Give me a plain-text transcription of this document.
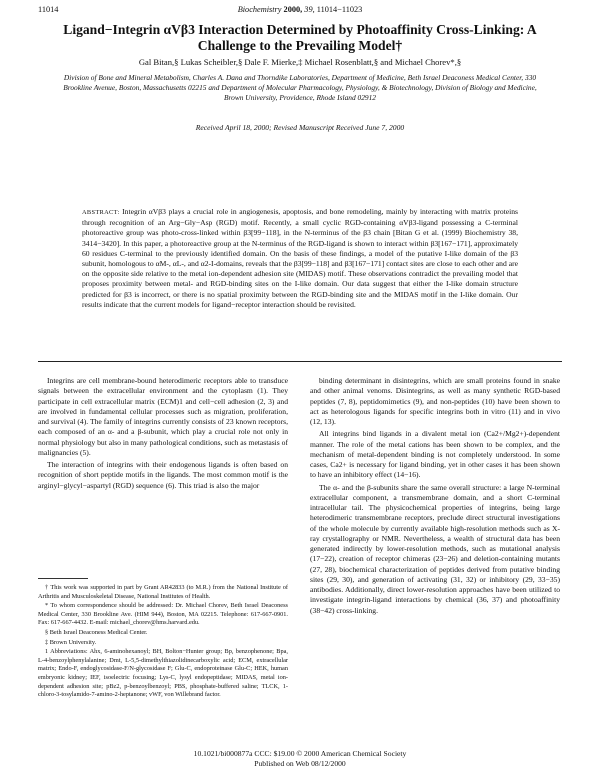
11014	Biochemistry 2000, 39, 11014−11023
Ligand−Integrin αVβ3 Interaction Determined by Photoaffinity Cross-Linking: A Challenge to the Prevailing Model†
Gal Bitan,§ Lukas Scheibler,§ Dale F. Mierke,‡ Michael Rosenblatt,§ and Michael Chorev*,§
Division of Bone and Mineral Metabolism, Charles A. Dana and Thorndike Laboratories, Department of Medicine, Beth Israel Deaconess Medical Center, 330 Brookline Avenue, Boston, Massachusetts 02215 and Department of Molecular Pharmacology, Physiology, & Biotechnology, Division of Biology and Medicine, Brown University, Providence, Rhode Island 02912
Received April 18, 2000; Revised Manuscript Received June 7, 2000
ABSTRACT: Integrin αVβ3 plays a crucial role in angiogenesis, apoptosis, and bone remodeling, mainly by interacting with matrix proteins through recognition of an Arg−Gly−Asp (RGD) motif. Recently, a small cyclic RGD-containing αVβ3-ligand possessing a C-terminal photoreactive group was photo-cross-linked within β3[99−118], in the N-terminus of the β3 chain [Bitan G et al. (1999) Biochemistry 38, 3414−3420]. In this paper, a photoreactive group at the N-terminus of the RGD-ligand is shown to interact within β3[167−171], approximately 60 residues C-terminal to the previously identified domain. On the basis of these findings, a model of the putative I-like domain of the β3 subunit, homologous to αM-, αL-, and α2-I-domains, reveals that the β3[99−118] and β3[167−171] contact sites are close to each other and are on the opposite side relative to the metal ion-dependent adhesion site (MIDAS) motif. These observations contradict the prevailing model that proposes proximity between metal- and RGD-binding sites on the I-like domain. Our data suggest that either the I-like domain structure predicted for β3 is incorrect, or there is no spatial proximity between the RGD-binding site and the MIDAS motif in the I-like domain. Our results indicate that the current models for ligand−receptor interaction should be revisited.

Integrins are cell membrane-bound heterodimeric receptors able to transduce signals between the extracellular environment and the cytoplasm (1). They participate in cell extracellular matrix (ECM)1 and cell−cell adhesion (2, 3) and are involved in fundamental cellular processes such as migration, proliferation, and survival (4). The family of integrins currently consists of 23 known receptors, each composed of an α- and a β-subunit, which play a crucial role not only in normal physiology but also in many pathological conditions, such as metastasis of malignancies (5).

The interaction of integrins with their endogenous ligands is often based on recognition of short peptide motifs in the ligands. The most common motif is the arginyl−glycyl−aspartyl (RGD) sequence (6). This triad is also the major

† This work was supported in part by Grant AR42833 (to M.R.) from the National Institute of Arthritis and Musculoskeletal Disease, National Institutes of Health.

* To whom correspondence should be addressed: Dr. Michael Chorev, Beth Israel Deaconess Medical Center, 330 Brookline Ave. (HIM 944), Boston, MA 02215. Telephone: 617-667-0901. Fax: 617-667-4432. E-mail: michael_chorev@hms.harvard.edu.

§ Beth Israel Deaconess Medical Center.

‡ Brown University.

1 Abbreviations: Ahx, 6-aminohexanoyl; BH, Bolton−Hunter group; Bp, benzophenone; Bpa, L-4-benzoylphenylalanine; Dmt, L-5,5-dimethylthiazolidinecarboxylic acid; ECM, extracellular matrix; Endo-F, endoglycosidase-F/N-glycosidase F; Glu-C, endoproteinase Glu-C; HEK, human embryonic kidney; IEF, isoelectric focusing; Lys-C, lysyl endopeptidase; MIDAS, metal ion-dependent adhesion site; pBz2, p-benzoylbenzoyl; PBS, phosphate-buffered saline; TLCK, 1-chloro-3-tosylamido-7-amino-2-heptanone; vWF, von Willebrand factor.

binding determinant in disintegrins, which are small proteins found in snake and other animal venoms. Disintegrins, as well as many synthetic RGD-based peptides (7, 8), peptidomimetics (9), and non-peptides (10) have been shown to act as heterologous ligands for specific integrins both in vitro (11) and in vivo (12, 13).

All integrins bind ligands in a divalent metal ion (Ca2+/Mg2+)-dependent manner. The role of the metal cations has been shown to be complex, and the mechanism of metal-dependent binding is not completely understood. In some cases, Ca2+ is necessary for ligand binding, yet in other cases it has been shown to have an inhibitory effect (14−16).

The α- and the β-subunits share the same overall structure: a large N-terminal extracellular component, a transmembrane domain, and a short C-terminal intracellular tail. The physicochemical properties of integrins, being large heterodimeric transmembrane receptors, preclude direct structural investigations of the whole molecule by currently available high-resolution methods such as X-ray crystallography or NMR. Nevertheless, a wealth of structural data has been generated indirectly by lower-resolution methods, such as mutational analysis (17−22), creation of receptor chimeras (23−26) and deletion-containing mutants (27, 28), biochemical characterization of peptides derived from putative binding sites (29, 30), and generation of activating (31, 32) or inhibitory (29, 33−35) antibodies. Additionally, direct lower-resolution approaches have been utilized to investigate integrin-ligand interactions by chemical (36, 37) and photoaffinity (38−42) cross-linking.

10.1021/bi000877a CCC: $19.00 © 2000 American Chemical Society
Published on Web 08/12/2000
